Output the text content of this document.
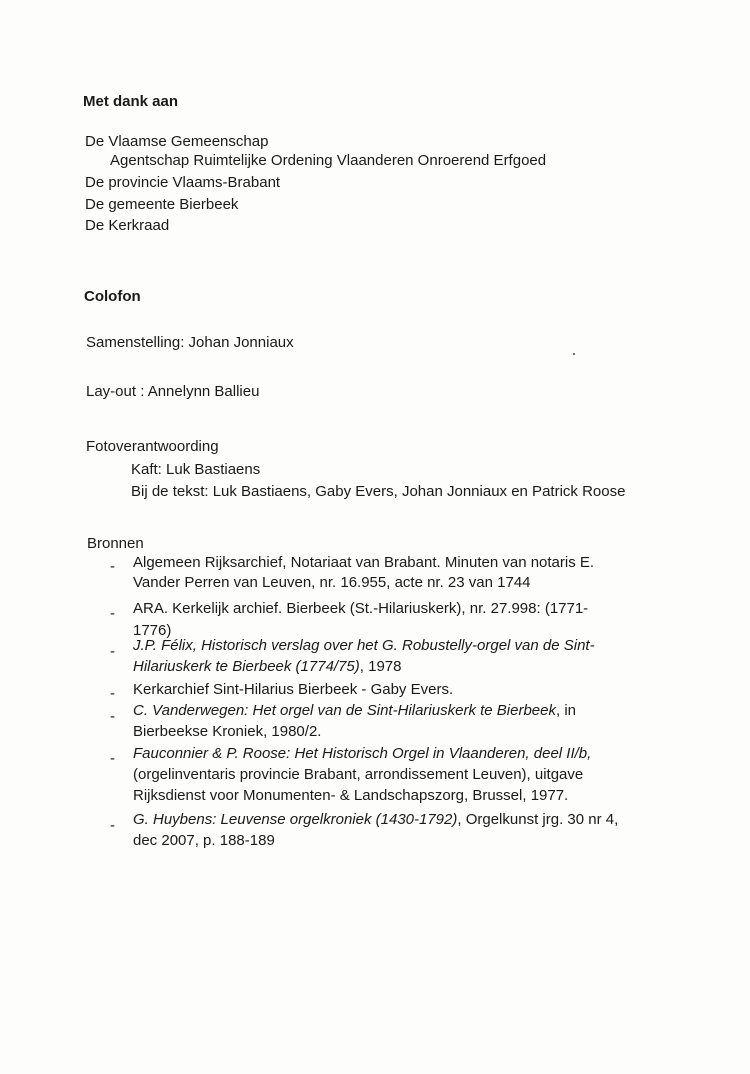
Met dank aan
De Vlaamse Gemeenschap
Agentschap Ruimtelijke Ordening Vlaanderen Onroerend Erfgoed
De provincie Vlaams-Brabant
De gemeente Bierbeek
De Kerkraad
Colofon
Samenstelling: Johan Jonniaux
Lay-out : Annelynn Ballieu
Fotoverantwoording
Kaft: Luk Bastiaens
Bij de tekst: Luk Bastiaens, Gaby Evers, Johan Jonniaux en Patrick Roose
Bronnen
- Algemeen Rijksarchief, Notariaat van Brabant. Minuten van notaris E.
Vander Perren van Leuven, nr. 16.955, acte nr. 23 van 1744
- ARA. Kerkelijk archief. Bierbeek (St.-Hilariuskerk), nr. 27.998: (1771-
1776)
- J.P. Félix, Historisch verslag over het G. Robustelly-orgel van de Sint-
Hilariuskerk te Bierbeek (1774/75), 1978
- Kerkarchief Sint-Hilarius Bierbeek - Gaby Evers.
- C. Vanderwegen: Het orgel van de Sint-Hilariuskerk te Bierbeek, in
Bierbeekse Kroniek, 1980/2.
- Fauconnier & P. Roose: Het Historisch Orgel in Vlaanderen, deel II/b,
(orgelinventaris provincie Brabant, arrondissement Leuven), uitgave
Rijksdienst voor Monumenten- & Landschapszorg, Brussel, 1977.
- G. Huybens: Leuvense orgelkroniek (1430-1792), Orgelkunst jrg. 30 nr 4,
dec 2007, p. 188-189
